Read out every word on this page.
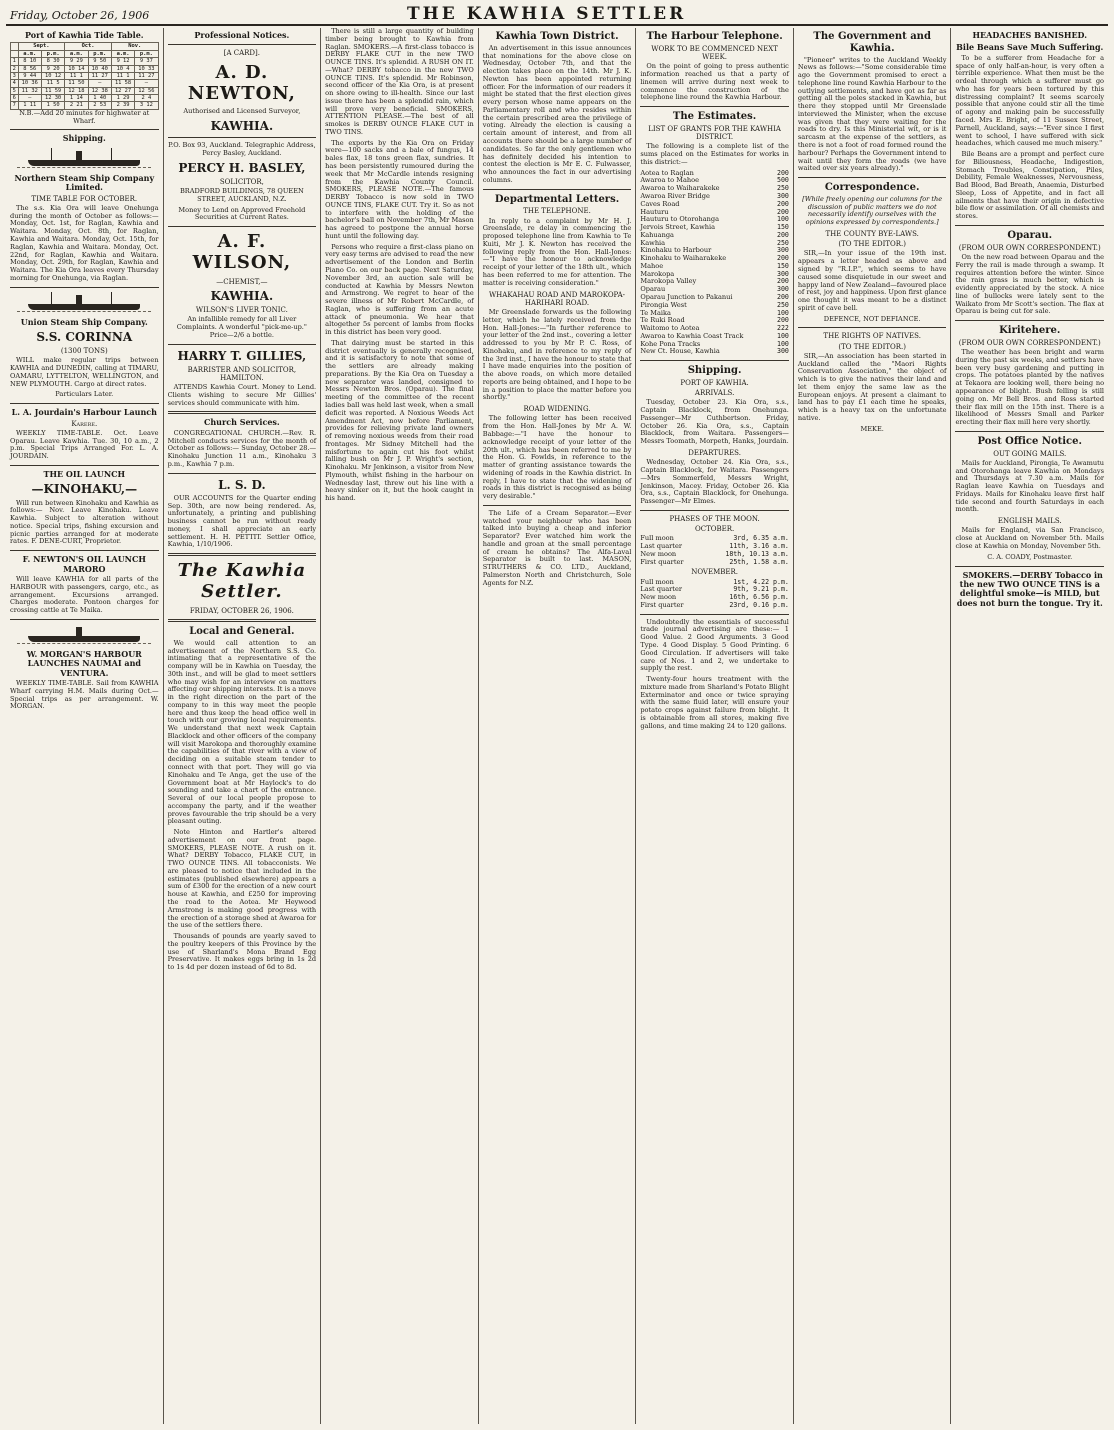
Friday, October 26, 1906	THE KAWHIA SETTLER
Port of Kawhia Tide Table.
	Sept.		Oct.		Nov.	
	a.m.	p.m.	a.m.	p.m.	a.m.	p.m.
1	8 10	8 30	9 29	9 50	9 12	9 37
2	8 56	9 20	10 14	10 40	10 4	10 33
3	9 44	10 12	11 1	11 27	11 1	11 27
4	10 36	11 5	11 50	—	11 58	—
5	11 32	11 59	12 18	12 38	12 27	12 56
6	—	12 30	1 14	1 40	1 29	2 4
7	1 11	1 50	2 21	2 53	2 39	3 12

N.B.—Add 20 minutes for highwater at Wharf.

Shipping.
Northern Steam Ship Company Limited.
TIME TABLE FOR OCTOBER.

The s.s. Kia Ora will leave Onehunga during the month of October as follows:— Monday, Oct. 1st, for Raglan, Kawhia and Waitara. Monday, Oct. 8th, for Raglan, Kawhia and Waitara. Monday, Oct. 15th, for Raglan, Kawhia and Waitara. Monday, Oct. 22nd, for Raglan, Kawhia and Waitara. Monday, Oct. 29th, for Raglan, Kawhia and Waitara. The Kia Ora leaves every Thursday morning for Onehunga, via Raglan.

Union Steam Ship Company.
S.S. CORINNA
(1300 TONS)

WILL make regular trips between KAWHIA and DUNEDIN, calling at TIMARU, OAMARU, LYTTELTON, WELLINGTON, and NEW PLYMOUTH. Cargo at direct rates.

Particulars Later.

L. A. Jourdain's Harbour Launch
Karere.

WEEKLY TIME-TABLE. Oct. Leave Oparau. Leave Kawhia. Tue. 30, 10 a.m., 2 p.m. Special Trips Arranged For. L. A. JOURDAIN.

THE OIL LAUNCH
—KINOHAKU,—

Will run between Kinohaku and Kawhia as follows:— Nov. Leave Kinohaku. Leave Kawhia. Subject to alteration without notice. Special trips, fishing excursion and picnic parties arranged for at moderate rates. F. DENE-CURT, Proprietor.

F. NEWTON'S OIL LAUNCH MARORO

Will leave KAWHIA for all parts of the HARBOUR with passengers, cargo, etc., as arrangement. Excursions arranged. Charges moderate. Pontoon charges for crossing cattle at Te Maika.

W. MORGAN'S HARBOUR LAUNCHES NAUMAI and VENTURA.

WEEKLY TIME-TABLE. Sail from KAWHIA Wharf carrying H.M. Mails during Oct.— Special trips as per arrangement. W. MORGAN.

Professional Notices.
[A CARD].
A. D. NEWTON,

Authorised and Licensed Surveyor,

KAWHIA.

P.O. Box 93, Auckland. Telegraphic Address, Percy Basley, Auckland.

PERCY H. BASLEY,
SOLICITOR,

BRADFORD BUILDINGS, 78 QUEEN STREET, AUCKLAND, N.Z.

Money to Lend on Approved Freehold Securities at Current Rates.

A. F. WILSON,
—CHEMIST,—
KAWHIA.
WILSON'S LIVER TONIC.

An infallible remedy for all Liver Complaints. A wonderful "pick-me-up." Price—2/6 a bottle.

HARRY T. GILLIES,
BARRISTER AND SOLICITOR, HAMILTON.

ATTENDS Kawhia Court. Money to Lend. Clients wishing to secure Mr Gillies' services should communicate with him.

Church Services.

CONGREGATIONAL CHURCH.—Rev. R. Mitchell conducts services for the month of October as follows:— Sunday, October 28.—Kinohaku Junction 11 a.m., Kinohaku 3 p.m., Kawhia 7 p.m.

L. S. D.

OUR ACCOUNTS for the Quarter ending Sep. 30th, are now being rendered. As, unfortunately, a printing and publishing business cannot be run without ready money, I shall appreciate an early settlement. H. H. PETTIT. Settler Office, Kawhia, 1/10/1906.

The Kawhia Settler.
FRIDAY, OCTOBER 26, 1906.
Local and General.

We would call attention to an advertisement of the Northern S.S. Co. intimating that a representative of the company will be in Kawhia on Tuesday, the 30th inst., and will be glad to meet settlers who may wish for an interview on matters affecting our shipping interests. It is a move in the right direction on the part of the company to in this way meet the people here and thus keep the head office well in touch with our growing local requirements. We understand that next week Captain Blacklock and other officers of the company will visit Marokopa and thoroughly examine the capabilities of that river with a view of deciding on a suitable steam tender to connect with that port. They will go via Kinohaku and Te Anga, get the use of the Government boat at Mr Haylock's to do sounding and take a chart of the entrance. Several of our local people propose to accompany the party, and if the weather proves favourable the trip should be a very pleasant outing.

Note Hinton and Hartler's altered advertisement on our front page. SMOKERS, PLEASE NOTE. A rush on it. What? DERBY Tobacco, FLAKE CUT, in TWO OUNCE TINS. All tobacconists. We are pleased to notice that included in the estimates (published elsewhere) appears a sum of £300 for the erection of a new court house at Kawhia, and £250 for improving the road to the Aotea. Mr Heywood Armstrong is making good progress with the erection of a storage shed at Awaroa for the use of the settlers there.

Thousands of pounds are yearly saved to the poultry keepers of this Province by the use of Sharland's Mona Brand Egg Preservative. It makes eggs bring in 1s 2d to 1s 4d per dozen instead of 6d to 8d.

There is still a large quantity of building timber being brought to Kawhia from Raglan. SMOKERS.—A first-class tobacco is DERBY FLAKE CUT in the new TWO OUNCE TINS. It's splendid. A RUSH ON IT.—What? DERBY tobacco in the new TWO OUNCE TINS. It's splendid. Mr Robinson, second officer of the Kia Ora, is at present on shore owing to ill-health. Since our last issue there has been a splendid rain, which will prove very beneficial. SMOKERS, ATTENTION PLEASE.—The best of all smokes is DERBY OUNCE FLAKE CUT in TWO TINS.

The exports by the Kia Ora on Friday were—100 sacks and a bale of fungus, 14 bales flax, 18 tons green flax, sundries. It has been persistently rumoured during the week that Mr McCardle intends resigning from the Kawhia County Council. SMOKERS, PLEASE NOTE.—The famous DERBY Tobacco is now sold in TWO OUNCE TINS, FLAKE CUT. Try it. So as not to interfere with the holding of the bachelor's ball on November 7th, Mr Mason has agreed to postpone the annual horse hunt until the following day.

Persons who require a first-class piano on very easy terms are advised to read the new advertisement of the London and Berlin Piano Co. on our back page. Next Saturday, November 3rd, an auction sale will be conducted at Kawhia by Messrs Newton and Armstrong. We regret to hear of the severe illness of Mr Robert McCardle, of Raglan, who is suffering from an acute attack of pneumonia. We hear that altogether 5s percent of lambs from flocks in this district has been very good.

That dairying must be started in this district eventually is generally recognised, and it is satisfactory to note that some of the settlers are already making preparations. By the Kia Ora on Tuesday a new separator was landed, consigned to Messrs Newton Bros. (Oparau). The final meeting of the committee of the recent ladies ball was held last week, when a small deficit was reported. A Noxious Weeds Act Amendment Act, now before Parliament, provides for relieving private land owners of removing noxious weeds from their road frontages. Mr Sidney Mitchell had the misfortune to again cut his foot whilst falling bush on Mr J. P. Wright's section, Kinohaku. Mr Jenkinson, a visitor from New Plymouth, whilst fishing in the harbour on Wednesday last, threw out his line with a heavy sinker on it, but the hook caught in his hand.

Kawhia Town District.

An advertisement in this issue announces that nominations for the above close on Wednesday, October 7th, and that the election takes place on the 14th. Mr J. K. Newton has been appointed returning officer. For the information of our readers it might be stated that the first election gives every person whose name appears on the Parliamentary roll and who resides within the certain prescribed area the privilege of voting. Already the election is causing a certain amount of interest, and from all accounts there should be a large number of candidates. So far the only gentlemen who has definitely decided his intention to contest the election is Mr E. C. Fulwasser, who announces the fact in our advertising columns.

Departmental Letters.
THE TELEPHONE.

In reply to a complaint by Mr H. J. Greenslade, re delay in commencing the proposed telephone line from Kawhia to Te Kuiti, Mr J. K. Newton has received the following reply from the Hon. Hall-Jones:—"I have the honour to acknowledge receipt of your letter of the 18th ult., which has been referred to me for attention. The matter is receiving consideration."

WHAKAHAU ROAD AND MAROKOPA-HARIHARI ROAD.

Mr Greenslade forwards us the following letter, which he lately received from the Hon. Hall-Jones:—"In further reference to your letter of the 2nd inst., covering a letter addressed to you by Mr P. C. Ross, of Kinohaku, and in reference to my reply of the 3rd inst., I have the honour to state that I have made enquiries into the position of the above roads, on which more detailed reports are being obtained, and I hope to be in a position to place the matter before you shortly."

ROAD WIDENING.

The following letter has been received from the Hon. Hall-Jones by Mr A. W. Babbage:—"I have the honour to acknowledge receipt of your letter of the 20th ult., which has been referred to me by the Hon. G. Fowlds, in reference to the matter of granting assistance towards the widening of roads in the Kawhia district. In reply, I have to state that the widening of roads in this district is recognised as being very desirable."

The Life of a Cream Separator.—Ever watched your neighbour who has been talked into buying a cheap and inferior Separator? Ever watched him work the handle and groan at the small percentage of cream he obtains? The Alfa-Laval Separator is built to last. MASON, STRUTHERS & CO. LTD., Auckland, Palmerston North and Christchurch, Sole Agents for N.Z.

The Harbour Telephone.
WORK TO BE COMMENCED NEXT WEEK.

On the point of going to press authentic information reached us that a party of linemen will arrive during next week to commence the construction of the telephone line round the Kawhia Harbour.

The Estimates.
LIST OF GRANTS FOR THE KAWHIA DISTRICT.

The following is a complete list of the sums placed on the Estimates for works in this district:—

Aotea to Raglan	200
Awaroa to Mahoe	500
Awaroa to Waiharakeke	250
Awaroa River Bridge	300
Caves Road	200
Hauturu	200
Hauturu to Otorohanga	100
Jervois Street, Kawhia	150
Kahuanga	200
Kawhia	250
Kinohaku to Harbour	300
Kinohaku to Waiharakeke	200
Mahoe	150
Marokopa	300
Marokopa Valley	200
Oparau	300
Oparau Junction to Pakanui	200
Pirongia West	250
Te Maika	100
Te Ruki Road	200
Waitomo to Aotea	222
Awaroa to Kawhia Coast Track	100
Kohe Pona Tracks	100
New Ct. House, Kawhia	300
Shipping.
PORT OF KAWHIA.
ARRIVALS.

Tuesday, October 23. Kia Ora, s.s., Captain Blacklock, from Onehunga. Passenger—Mr Cuthbertson. Friday, October 26. Kia Ora, s.s., Captain Blacklock, from Waitara. Passengers—Messrs Toomath, Morpeth, Hanks, Jourdain.

DEPARTURES.

Wednesday, October 24. Kia Ora, s.s., Captain Blacklock, for Waitara. Passengers—Mrs Sommerfeld, Messrs Wright, Jenkinson, Macey. Friday, October 26. Kia Ora, s.s., Captain Blacklock, for Onehunga. Passenger—Mr Elmes.

PHASES OF THE MOON.
OCTOBER.
Full moon	3rd, 6.35 a.m.
Last quarter	11th, 3.16 a.m.
New moon	18th, 10.13 a.m.
First quarter	25th, 1.58 a.m.
NOVEMBER.
Full moon	1st, 4.22 p.m.
Last quarter	9th, 9.21 p.m.
New moon	16th, 6.56 p.m.
First quarter	23rd, 0.16 p.m.

Undoubtedly the essentials of successful trade journal advertising are these:— 1 Good Value. 2 Good Arguments. 3 Good Type. 4 Good Display. 5 Good Printing. 6 Good Circulation. If advertisers will take care of Nos. 1 and 2, we undertake to supply the rest.

Twenty-four hours treatment with the mixture made from Sharland's Potato Blight Exterminator and once or twice spraying with the same fluid later, will ensure your potato crops against failure from blight. It is obtainable from all stores, making five gallons, and time making 24 to 120 gallons.

The Government and Kawhia.

"Pioneer" writes to the Auckland Weekly News as follows:—"Some considerable time ago the Government promised to erect a telephone line round Kawhia Harbour to the outlying settlements, and have got as far as getting all the poles stacked in Kawhia, but there they stopped until Mr Greenslade interviewed the Minister, when the excuse was given that they were waiting for the roads to dry. Is this Ministerial wit, or is it sarcasm at the expense of the settlers, as there is not a foot of road formed round the harbour? Perhaps the Government intend to wait until they form the roads (we have waited over six years already)."

Correspondence.

[While freely opening our columns for the discussion of public matters we do not necessarily identify ourselves with the opinions expressed by correspondents.]

THE COUNTY BYE-LAWS.
(TO THE EDITOR.)

SIR,—In your issue of the 19th inst. appears a letter headed as above and signed by "R.I.P.", which seems to have caused some disquietude in our sweet and happy land of New Zealand—favoured place of rest, joy and happiness. Upon first glance one thought it was meant to be a distinct spirit of cave bell.

DEFENCE, NOT DEFIANCE.

THE RIGHTS OF NATIVES.
(TO THE EDITOR.)

SIR,—An association has been started in Auckland called the "Maori Rights Conservation Association," the object of which is to give the natives their land and let them enjoy the same law as the European enjoys. At present a claimant to land has to pay £1 each time he speaks, which is a heavy tax on the unfortunate native.

MEKE.

HEADACHES BANISHED.
Bile Beans Save Much Suffering.

To be a sufferer from Headache for a space of only half-an-hour, is very often a terrible experience. What then must be the ordeal through which a sufferer must go who has for years been tortured by this distressing complaint? It seems scarcely possible that anyone could stir all the time of agony and making pain be successfully faced. Mrs E. Bright, of 11 Sussex Street, Parnell, Auckland, says:—"Ever since I first went to school, I have suffered with sick headaches, which caused me much misery."

Bile Beans are a prompt and perfect cure for Biliousness, Headache, Indigestion, Stomach Troubles, Constipation, Piles, Debility, Female Weaknesses, Nervousness, Bad Blood, Bad Breath, Anaemia, Disturbed Sleep, Loss of Appetite, and in fact all ailments that have their origin in defective bile flow or assimilation. Of all chemists and stores.

Oparau.
(FROM OUR OWN CORRESPONDENT.)

On the new road between Oparau and the Ferry the rail is made through a swamp. It requires attention before the winter. Since the rain grass is much better, which is evidently appreciated by the stock. A nice line of bullocks were lately sent to the Waikato from Mr Scott's section. The flax at Oparau is being cut for sale.

Kiritehere.
(FROM OUR OWN CORRESPONDENT.)

The weather has been bright and warm during the past six weeks, and settlers have been very busy gardening and putting in crops. The potatoes planted by the natives at Tekaora are looking well, there being no appearance of blight. Bush felling is still going on. Mr Bell Bros. and Ross started their flax mill on the 15th inst. There is a likelihood of Messrs Small and Parker erecting their flax mill here very shortly.

Post Office Notice.
OUT GOING MAILS.

Mails for Auckland, Pirongia, Te Awamutu and Otorohanga leave Kawhia on Mondays and Thursdays at 7.30 a.m. Mails for Raglan leave Kawhia on Tuesdays and Fridays. Mails for Kinohaku leave first half tide second and fourth Saturdays in each month.

ENGLISH MAILS.

Mails for England, via San Francisco, close at Auckland on November 5th. Mails close at Kawhia on Monday, November 5th.

C. A. COADY, Postmaster.

SMOKERS.—DERBY Tobacco in the new TWO OUNCE TINS is a delightful smoke—is MILD, but does not burn the tongue. Try it.
